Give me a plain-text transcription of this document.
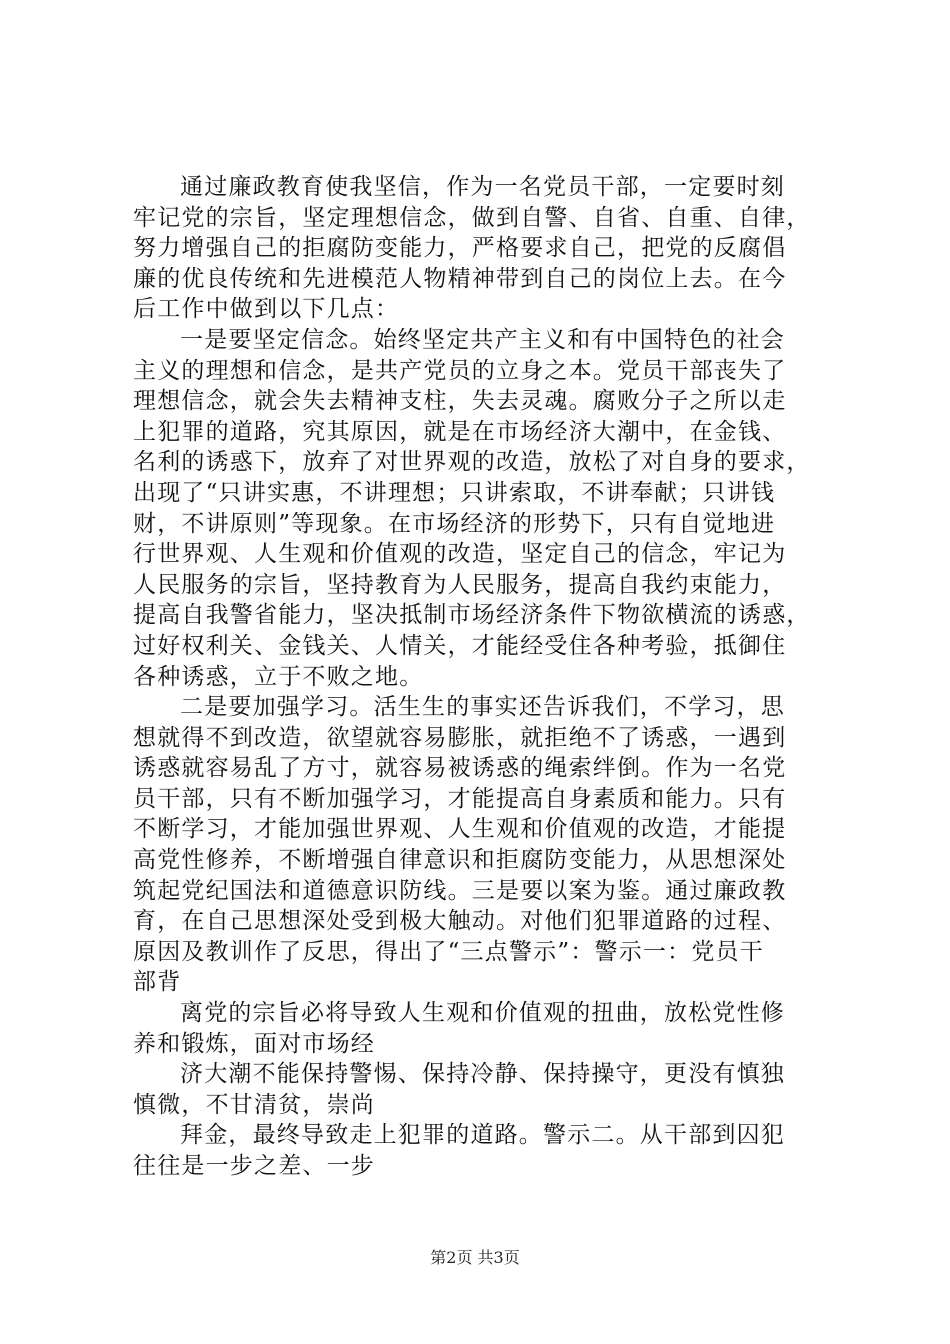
通过廉政教育使我坚信，作为一名党员干部，一定要时刻
牢记党的宗旨，坚定理想信念，做到自警、自省、自重、自律，
努力增强自己的拒腐防变能力，严格要求自己，把党的反腐倡
廉的优良传统和先进模范人物精神带到自己的岗位上去。在今
后工作中做到以下几点：
一是要坚定信念。始终坚定共产主义和有中国特色的社会
主义的理想和信念，是共产党员的立身之本。党员干部丧失了
理想信念，就会失去精神支柱，失去灵魂。腐败分子之所以走
上犯罪的道路，究其原因，就是在市场经济大潮中，在金钱、
名利的诱惑下，放弃了对世界观的改造，放松了对自身的要求，
出现了“只讲实惠，不讲理想；只讲索取，不讲奉献；只讲钱
财，不讲原则”等现象。在市场经济的形势下，只有自觉地进
行世界观、人生观和价值观的改造，坚定自己的信念，牢记为
人民服务的宗旨，坚持教育为人民服务，提高自我约束能力，
提高自我警省能力，坚决抵制市场经济条件下物欲横流的诱惑，
过好权利关、金钱关、人情关，才能经受住各种考验，抵御住
各种诱惑，立于不败之地。
二是要加强学习。活生生的事实还告诉我们，不学习，思
想就得不到改造，欲望就容易膨胀，就拒绝不了诱惑，一遇到
诱惑就容易乱了方寸，就容易被诱惑的绳索绊倒。作为一名党
员干部，只有不断加强学习，才能提高自身素质和能力。只有
不断学习，才能加强世界观、人生观和价值观的改造，才能提
高党性修养，不断增强自律意识和拒腐防变能力，从思想深处
筑起党纪国法和道德意识防线。三是要以案为鉴。通过廉政教
育，在自己思想深处受到极大触动。对他们犯罪道路的过程、
原因及教训作了反思，得出了“三点警示”：警示一：党员干
部背
离党的宗旨必将导致人生观和价值观的扭曲，放松党性修
养和锻炼，面对市场经
济大潮不能保持警惕、保持冷静、保持操守，更没有慎独
慎微，不甘清贫，崇尚
拜金，最终导致走上犯罪的道路。警示二。从干部到囚犯
往往是一步之差、一步
第2页 共3页
